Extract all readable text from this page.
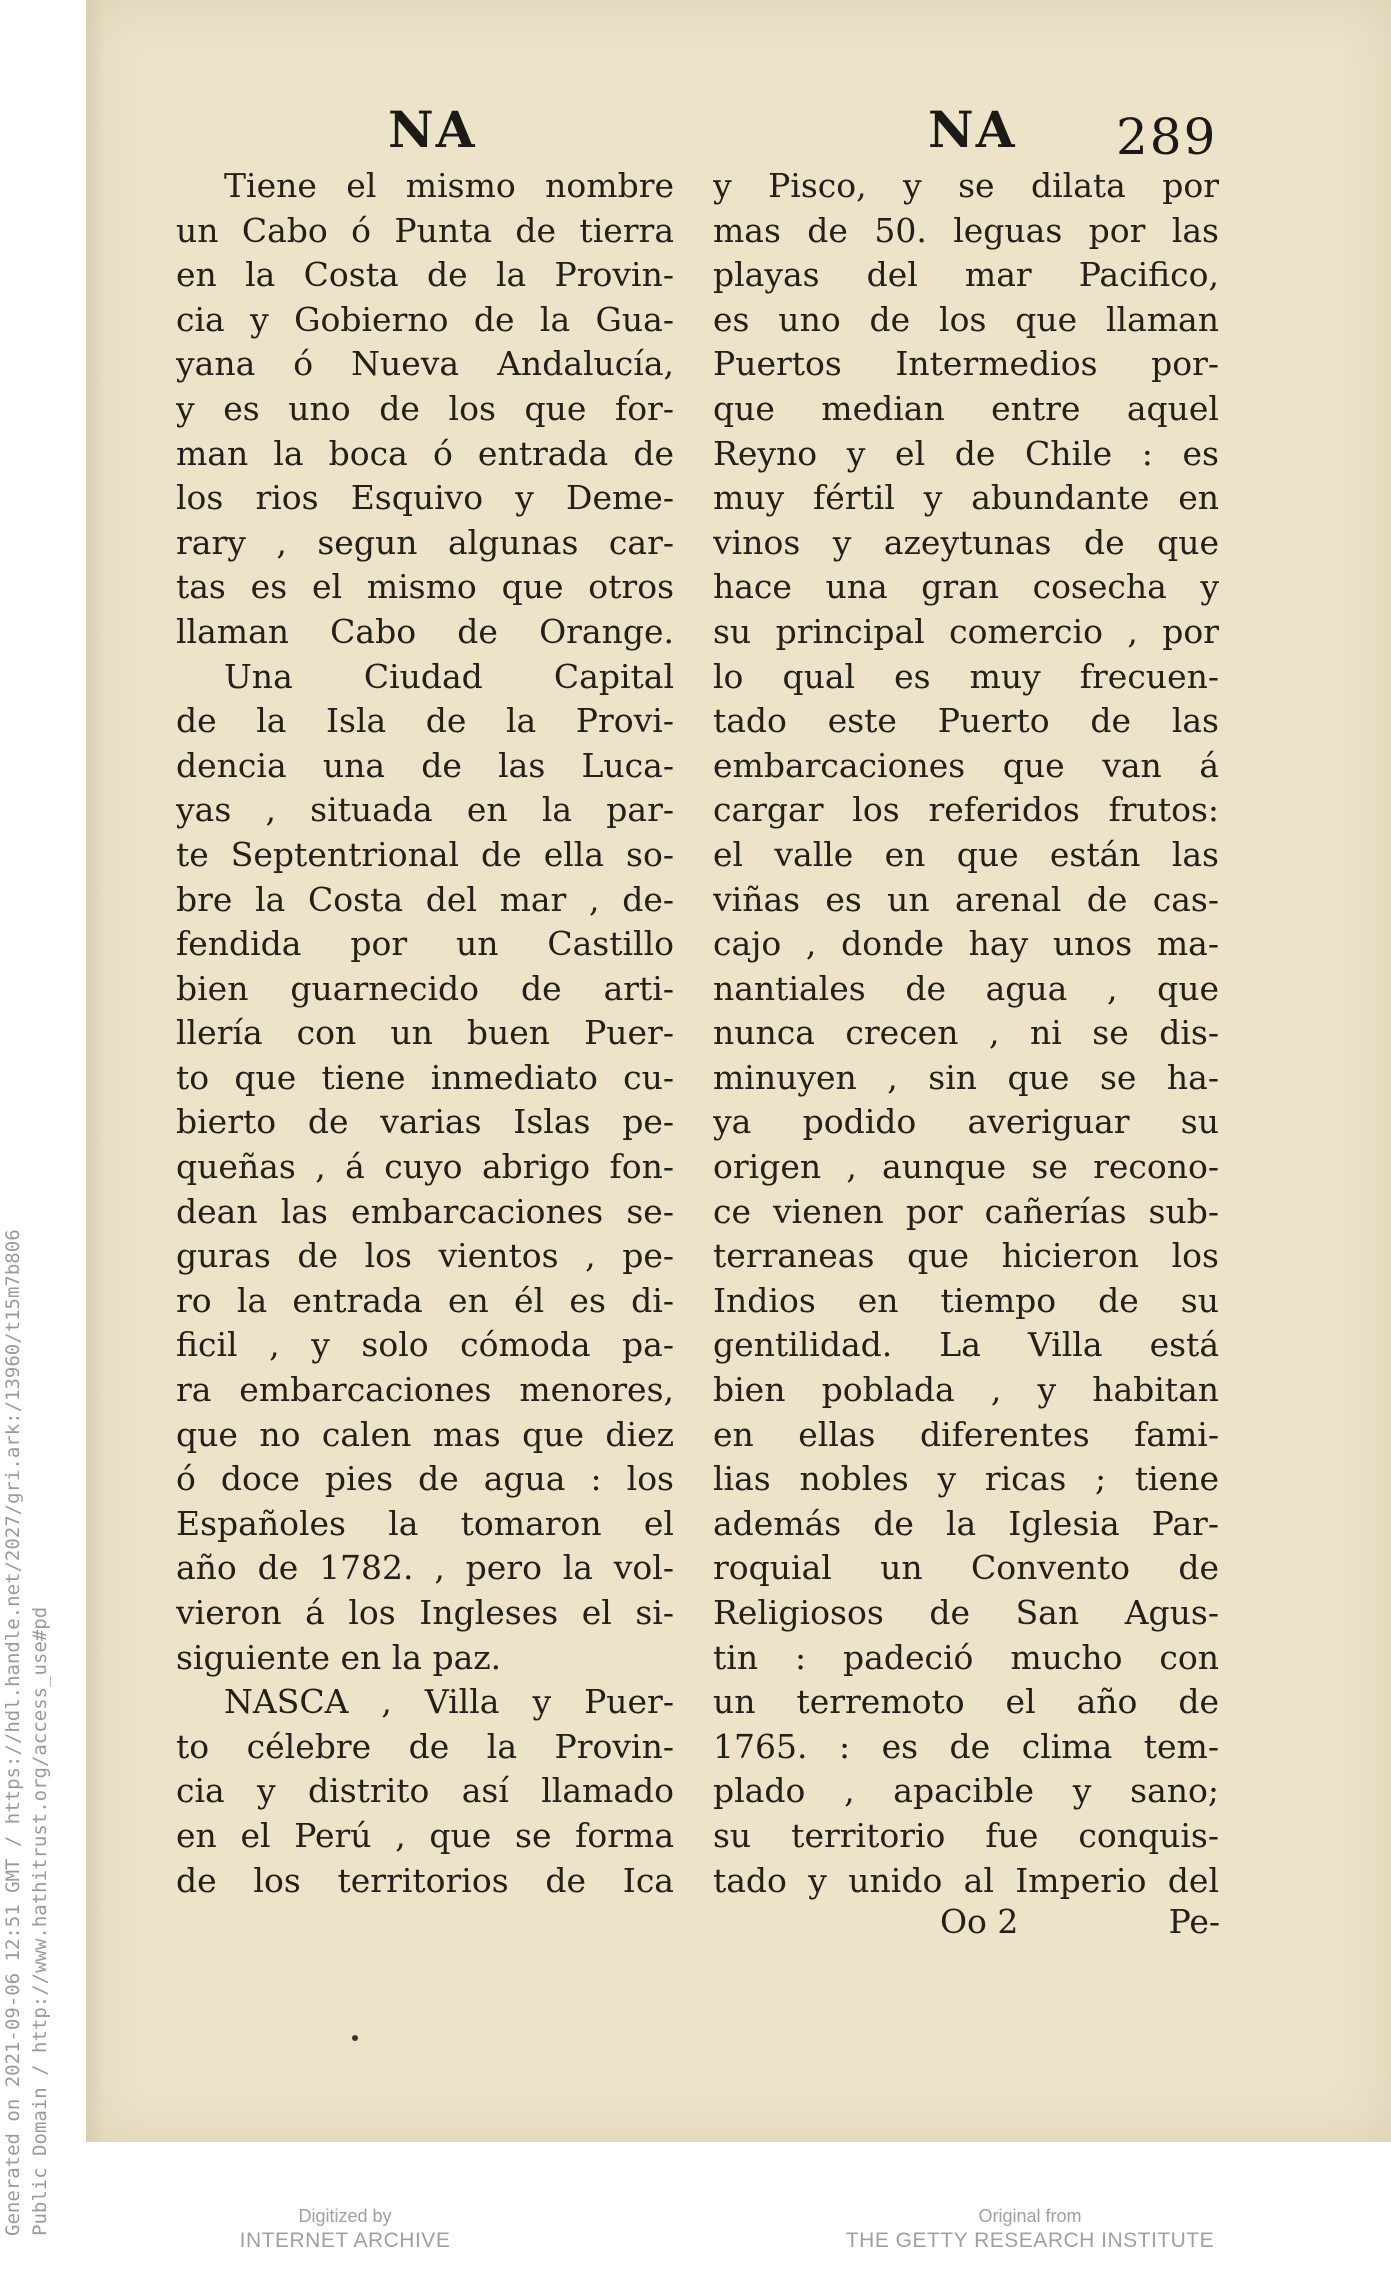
NA	NA 289
Tiene el mismo nombre
un Cabo ó Punta de tierra
en la Costa de la Provin-
cia y Gobierno de la Gua-
yana ó Nueva Andalucía,
y es uno de los que for-
man la boca ó entrada de
los rios Esquivo y Deme-
rary , segun algunas car-
tas es el mismo que otros
llaman Cabo de Orange.
Una Ciudad Capital
de la Isla de la Provi-
dencia una de las Luca-
yas , situada en la par-
te Septentrional de ella so-
bre la Costa del mar , de-
fendida por un Castillo
bien guarnecido de arti-
llería con un buen Puer-
to que tiene inmediato cu-
bierto de varias Islas pe-
queñas , á cuyo abrigo fon-
dean las embarcaciones se-
guras de los vientos , pe-
ro la entrada en él es di-
ficil , y solo cómoda pa-
ra embarcaciones menores,
que no calen mas que diez
ó doce pies de agua : los
Españoles la tomaron el
año de 1782. , pero la vol-
vieron á los Ingleses el si-
siguiente en la paz.
NASCA , Villa y Puer-
to célebre de la Provin-
cia y distrito así llamado
en el Perú , que se forma
de los territorios de Ica
y Pisco, y se dilata por
mas de 50. leguas por las
playas del mar Pacifico,
es uno de los que llaman
Puertos Intermedios por-
que median entre aquel
Reyno y el de Chile : es
muy fértil y abundante en
vinos y azeytunas de que
hace una gran cosecha y
su principal comercio , por
lo qual es muy frecuen-
tado este Puerto de las
embarcaciones que van á
cargar los referidos frutos:
el valle en que están las
viñas es un arenal de cas-
cajo , donde hay unos ma-
nantiales de agua , que
nunca crecen , ni se dis-
minuyen , sin que se ha-
ya podido averiguar su
origen , aunque se recono-
ce vienen por cañerías sub-
terraneas que hicieron los
Indios en tiempo de su
gentilidad. La Villa está
bien poblada , y habitan
en ellas diferentes fami-
lias nobles y ricas ; tiene
además de la Iglesia Par-
roquial un Convento de
Religiosos de San Agus-
tin : padeció mucho con
un terremoto el año de
1765. : es de clima tem-
plado , apacible y sano;
su territorio fue conquis-
tado y unido al Imperio del
Oo 2	Pe-
Generated on 2021-09-06 12:51 GMT / https://hdl.handle.net/2027/gri.ark:/13960/t15m7b806 Public Domain / http://www.hathitrust.org/access_use#pd	Digitized by
INTERNET ARCHIVE
Original from
THE GETTY RESEARCH INSTITUTE
